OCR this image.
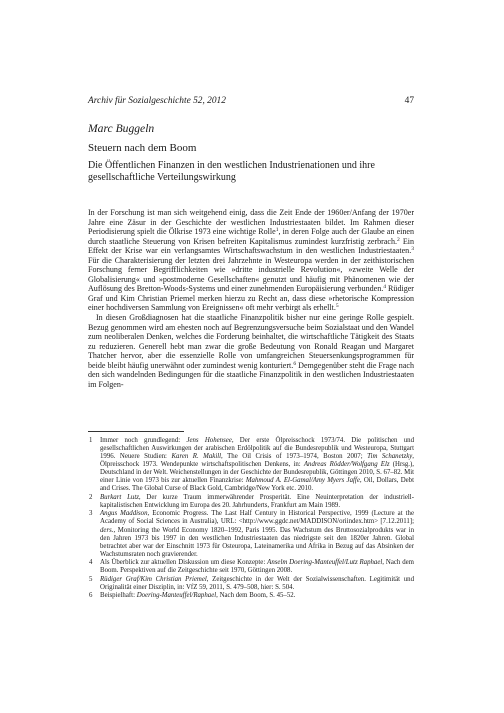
Archiv für Sozialgeschichte 52, 2012	47
Marc Buggeln
Steuern nach dem Boom
Die Öffentlichen Finanzen in den westlichen Industrienationen und ihre gesellschaftliche Verteilungswirkung

In der Forschung ist man sich weitgehend einig, dass die Zeit Ende der 1960er/Anfang der 1970er Jahre eine Zäsur in der Geschichte der westlichen Industriestaaten bildet. Im Rahmen dieser Periodisierung spielt die Ölkrise 1973 eine wichtige Rolle$^1$, in deren Folge auch der Glaube an einen durch staatliche Steuerung von Krisen befreiten Kapitalismus zumindest kurzfristig zerbrach.$^2$ Ein Effekt der Krise war ein verlangsamtes Wirtschaftswachstum in den westlichen Industriestaaten.$^3$ Für die Charakterisierung der letzten drei Jahrzehnte in Westeuropa werden in der zeithistorischen Forschung ferner Begrifflichkeiten wie »dritte industrielle Revolution«, »zweite Welle der Globalisierung« und »postmoderne Gesellschaften« genutzt und häufig mit Phänomenen wie der Auflösung des Bretton-Woods-Systems und einer zunehmenden Europäisierung verbunden.$^4$ Rüdiger Graf und Kim Christian Priemel merken hierzu zu Recht an, dass diese »rhetorische Kompression einer hochdiversen Sammlung von Ereignissen« oft mehr verbirgt als erhellt.$^5$

In diesen Großdiagnosen hat die staatliche Finanzpolitik bisher nur eine geringe Rolle gespielt. Bezug genommen wird am ehesten noch auf Begrenzungsversuche beim Sozialstaat und den Wandel zum neoliberalen Denken, welches die Forderung beinhaltet, die wirtschaftliche Tätigkeit des Staats zu reduzieren. Generell hebt man zwar die große Bedeutung von Ronald Reagan und Margaret Thatcher hervor, aber die essenzielle Rolle von umfangreichen Steuersenkungsprogrammen für beide bleibt häufig unerwähnt oder zumindest wenig konturiert.$^6$ Demgegenüber steht die Frage nach den sich wandelnden Bedingungen für die staatliche Finanzpolitik in den westlichen Industriestaaten im Folgen-

1 Immer noch grundlegend: Jens Hohensee, Der erste Ölpreisschock 1973/74. Die politischen und gesellschaftlichen Auswirkungen der arabischen Erdölpolitik auf die Bundesrepublik und Westeuropa, Stuttgart 1996. Neuere Studien: Karen R. Makill, The Oil Crisis of 1973–1974, Boston 2007; Tim Schanetzky, Ölpreisschock 1973. Wendepunkte wirtschaftspolitischen Denkens, in: Andreas Rödder/Wolfgang Elz (Hrsg.), Deutschland in der Welt. Weichenstellungen in der Geschichte der Bundesrepublik, Göttingen 2010, S. 67–82. Mit einer Linie von 1973 bis zur aktuellen Finanzkrise: Mahmoud A. El-Gamal/Amy Myers Jaffe, Oil, Dollars, Debt and Crises. The Global Curse of Black Gold, Cambridge/New York etc. 2010.
2 Burkart Lutz, Der kurze Traum immerwährender Prosperität. Eine Neuinterpretation der industriell-kapitalistischen Entwicklung im Europa des 20. Jahrhunderts, Frankfurt am Main 1989.
3 Angus Maddison, Economic Progress. The Last Half Century in Historical Perspective, 1999 (Lecture at the Academy of Social Sciences in Australia), URL: <http://www.ggdc.net/MADDISON/oriindex.htm> [7.12.2011]; ders., Monitoring the World Economy 1820–1992, Paris 1995. Das Wachstum des Bruttosozialprodukts war in den Jahren 1973 bis 1997 in den westlichen Industriestaaten das niedrigste seit den 1820er Jahren. Global betrachtet aber war der Einschnitt 1973 für Osteuropa, Lateinamerika und Afrika in Bezug auf das Absinken der Wachstumsraten noch gravierender.
4 Als Überblick zur aktuellen Diskussion um diese Konzepte: Anselm Doering-Manteuffel/Lutz Raphael, Nach dem Boom. Perspektiven auf die Zeitgeschichte seit 1970, Göttingen 2008.
5 Rüdiger Graf/Kim Christian Priemel, Zeitgeschichte in der Welt der Sozialwissenschaften. Legitimität und Originalität einer Disziplin, in: VfZ 59, 2011, S. 479–508, hier: S. 504.
6 Beispielhaft: Doering-Manteuffel/Raphael, Nach dem Boom, S. 45–52.
